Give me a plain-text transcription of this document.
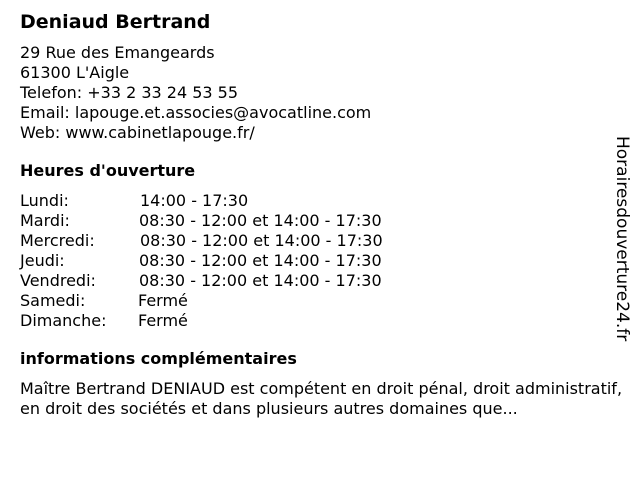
Deniaud Bertrand
29 Rue des Emangeards
61300 L'Aigle
Telefon: +33 2 33 24 53 55
Email: lapouge.et.associes@avocatline.com
Web: www.cabinetlapouge.fr/
Heures d'ouverture
Lundi:	14:00 - 17:30
Mardi:	08:30 - 12:00 et 14:00 - 17:30
Mercredi:	08:30 - 12:00 et 14:00 - 17:30
Jeudi:	08:30 - 12:00 et 14:00 - 17:30
Vendredi:	08:30 - 12:00 et 14:00 - 17:30
Samedi:	Fermé
Dimanche: Fermé
informations complémentaires
Maître Bertrand DENIAUD est compétent en droit pénal, droit administratif, en droit des sociétés et dans plusieurs autres domaines que...
Horairesdouverture24.fr
